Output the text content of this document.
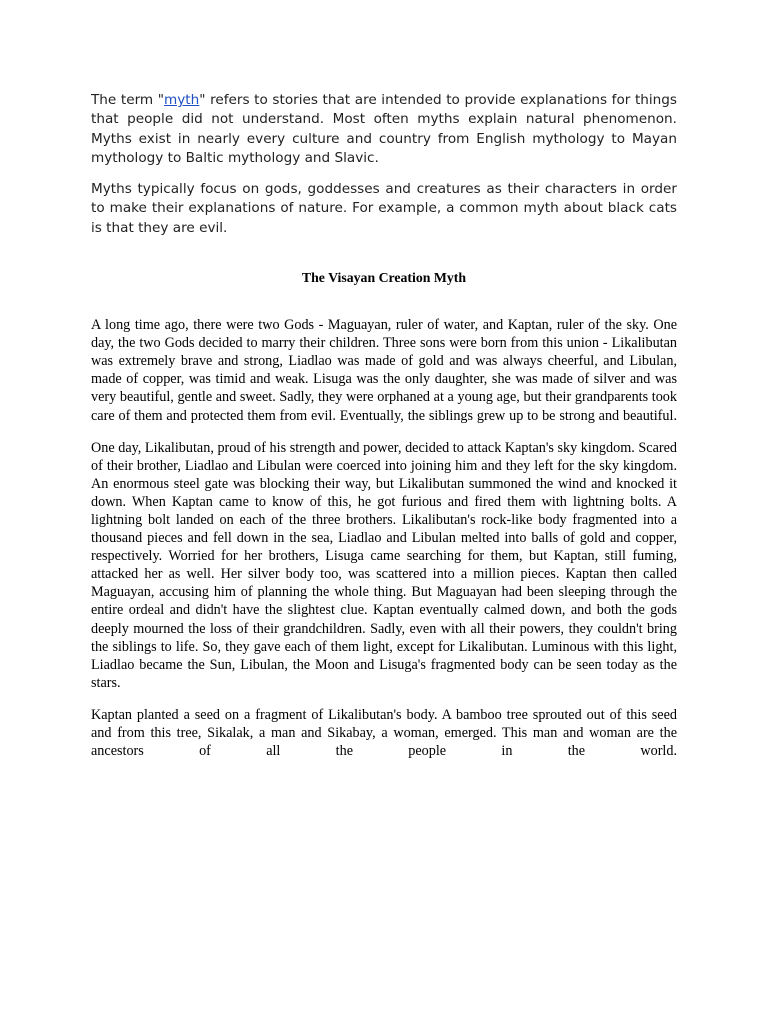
The term "myth" refers to stories that are intended to provide explanations for things that people did not understand. Most often myths explain natural phenomenon. Myths exist in nearly every culture and country from English mythology to Mayan mythology to Baltic mythology and Slavic.

Myths typically focus on gods, goddesses and creatures as their characters in order to make their explanations of nature. For example, a common myth about black cats is that they are evil.

The Visayan Creation Myth

A long time ago, there were two Gods - Maguayan, ruler of water, and Kaptan, ruler of the sky. One day, the two Gods decided to marry their children. Three sons were born from this union - Likalibutan was extremely brave and strong, Liadlao was made of gold and was always cheerful, and Libulan, made of copper, was timid and weak. Lisuga was the only daughter, she was made of silver and was very beautiful, gentle and sweet. Sadly, they were orphaned at a young age, but their grandparents took care of them and protected them from evil. Eventually, the siblings grew up to be strong and beautiful.

One day, Likalibutan, proud of his strength and power, decided to attack Kaptan's sky kingdom. Scared of their brother, Liadlao and Libulan were coerced into joining him and they left for the sky kingdom. An enormous steel gate was blocking their way, but Likalibutan summoned the wind and knocked it down. When Kaptan came to know of this, he got furious and fired them with lightning bolts. A lightning bolt landed on each of the three brothers. Likalibutan's rock-like body fragmented into a thousand pieces and fell down in the sea, Liadlao and Libulan melted into balls of gold and copper, respectively. Worried for her brothers, Lisuga came searching for them, but Kaptan, still fuming, attacked her as well. Her silver body too, was scattered into a million pieces. Kaptan then called Maguayan, accusing him of planning the whole thing. But Maguayan had been sleeping through the entire ordeal and didn't have the slightest clue. Kaptan eventually calmed down, and both the gods deeply mourned the loss of their grandchildren. Sadly, even with all their powers, they couldn't bring the siblings to life. So, they gave each of them light, except for Likalibutan. Luminous with this light, Liadlao became the Sun, Libulan, the Moon and Lisuga's fragmented body can be seen today as the stars.

Kaptan planted a seed on a fragment of Likalibutan's body. A bamboo tree sprouted out of this seed and from this tree, Sikalak, a man and Sikabay, a woman, emerged. This man and woman are the ancestors of all the people in the world.
